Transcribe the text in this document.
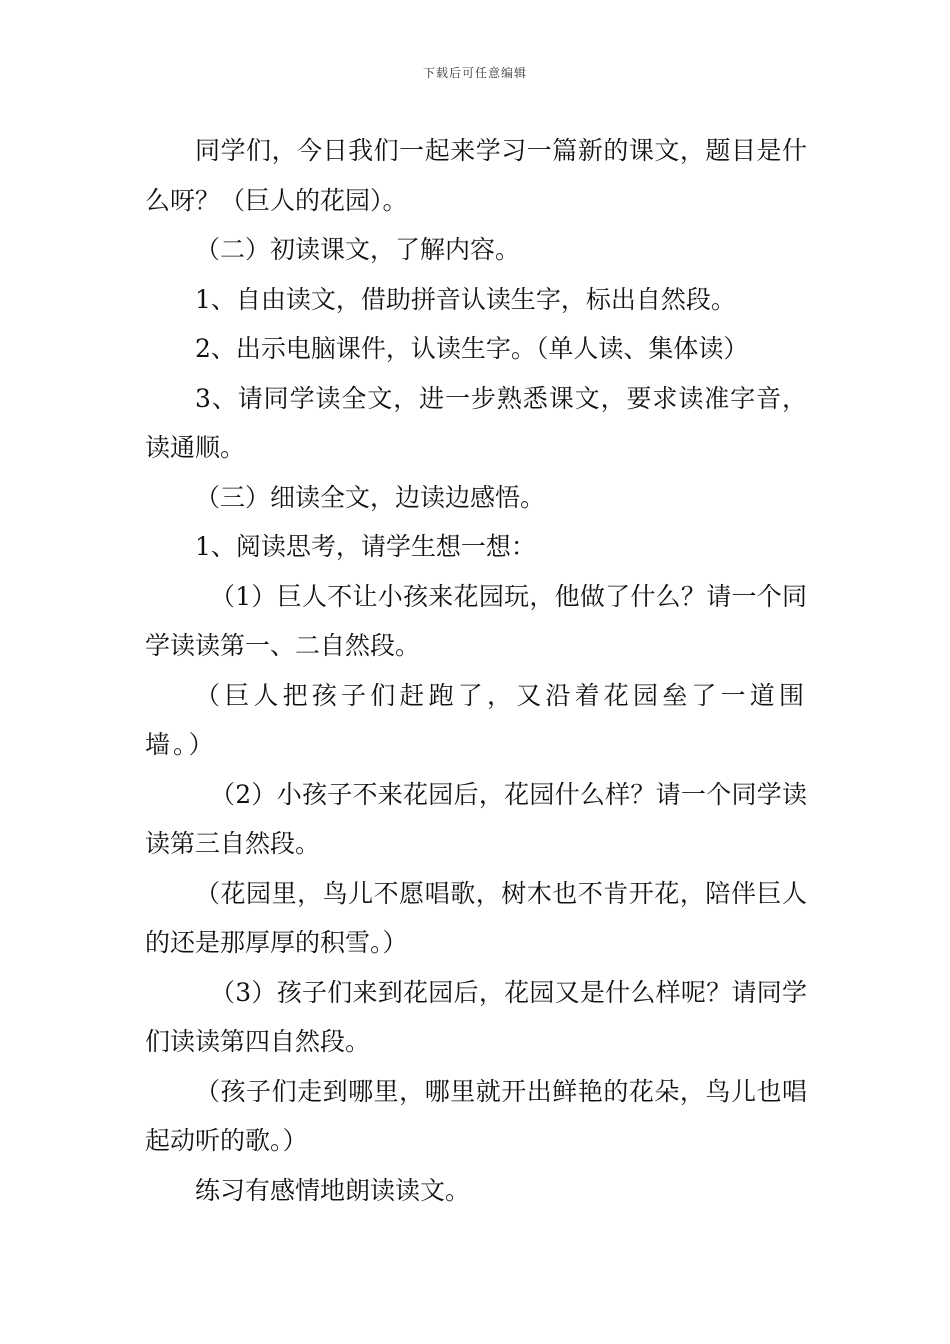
下载后可任意编辑

同学们，今日我们一起来学习一篇新的课文，题目是什么呀？（巨人的花园）。

（二）初读课文，了解内容。

1、自由读文，借助拼音认读生字，标出自然段。

2、出示电脑课件，认读生字。（单人读、集体读）

3、请同学读全文，进一步熟悉课文，要求读准字音，读通顺。

（三）细读全文，边读边感悟。

1、阅读思考，请学生想一想：

（1）巨人不让小孩来花园玩，他做了什么？请一个同学读读第一、二自然段。

（巨人把孩子们赶跑了，又沿着花园垒了一道围墙。）

（2）小孩子不来花园后，花园什么样？请一个同学读读第三自然段。

（花园里，鸟儿不愿唱歌，树木也不肯开花，陪伴巨人的还是那厚厚的积雪。）

（3）孩子们来到花园后，花园又是什么样呢？请同学们读读第四自然段。

（孩子们走到哪里，哪里就开出鲜艳的花朵，鸟儿也唱起动听的歌。）

练习有感情地朗读读文。
